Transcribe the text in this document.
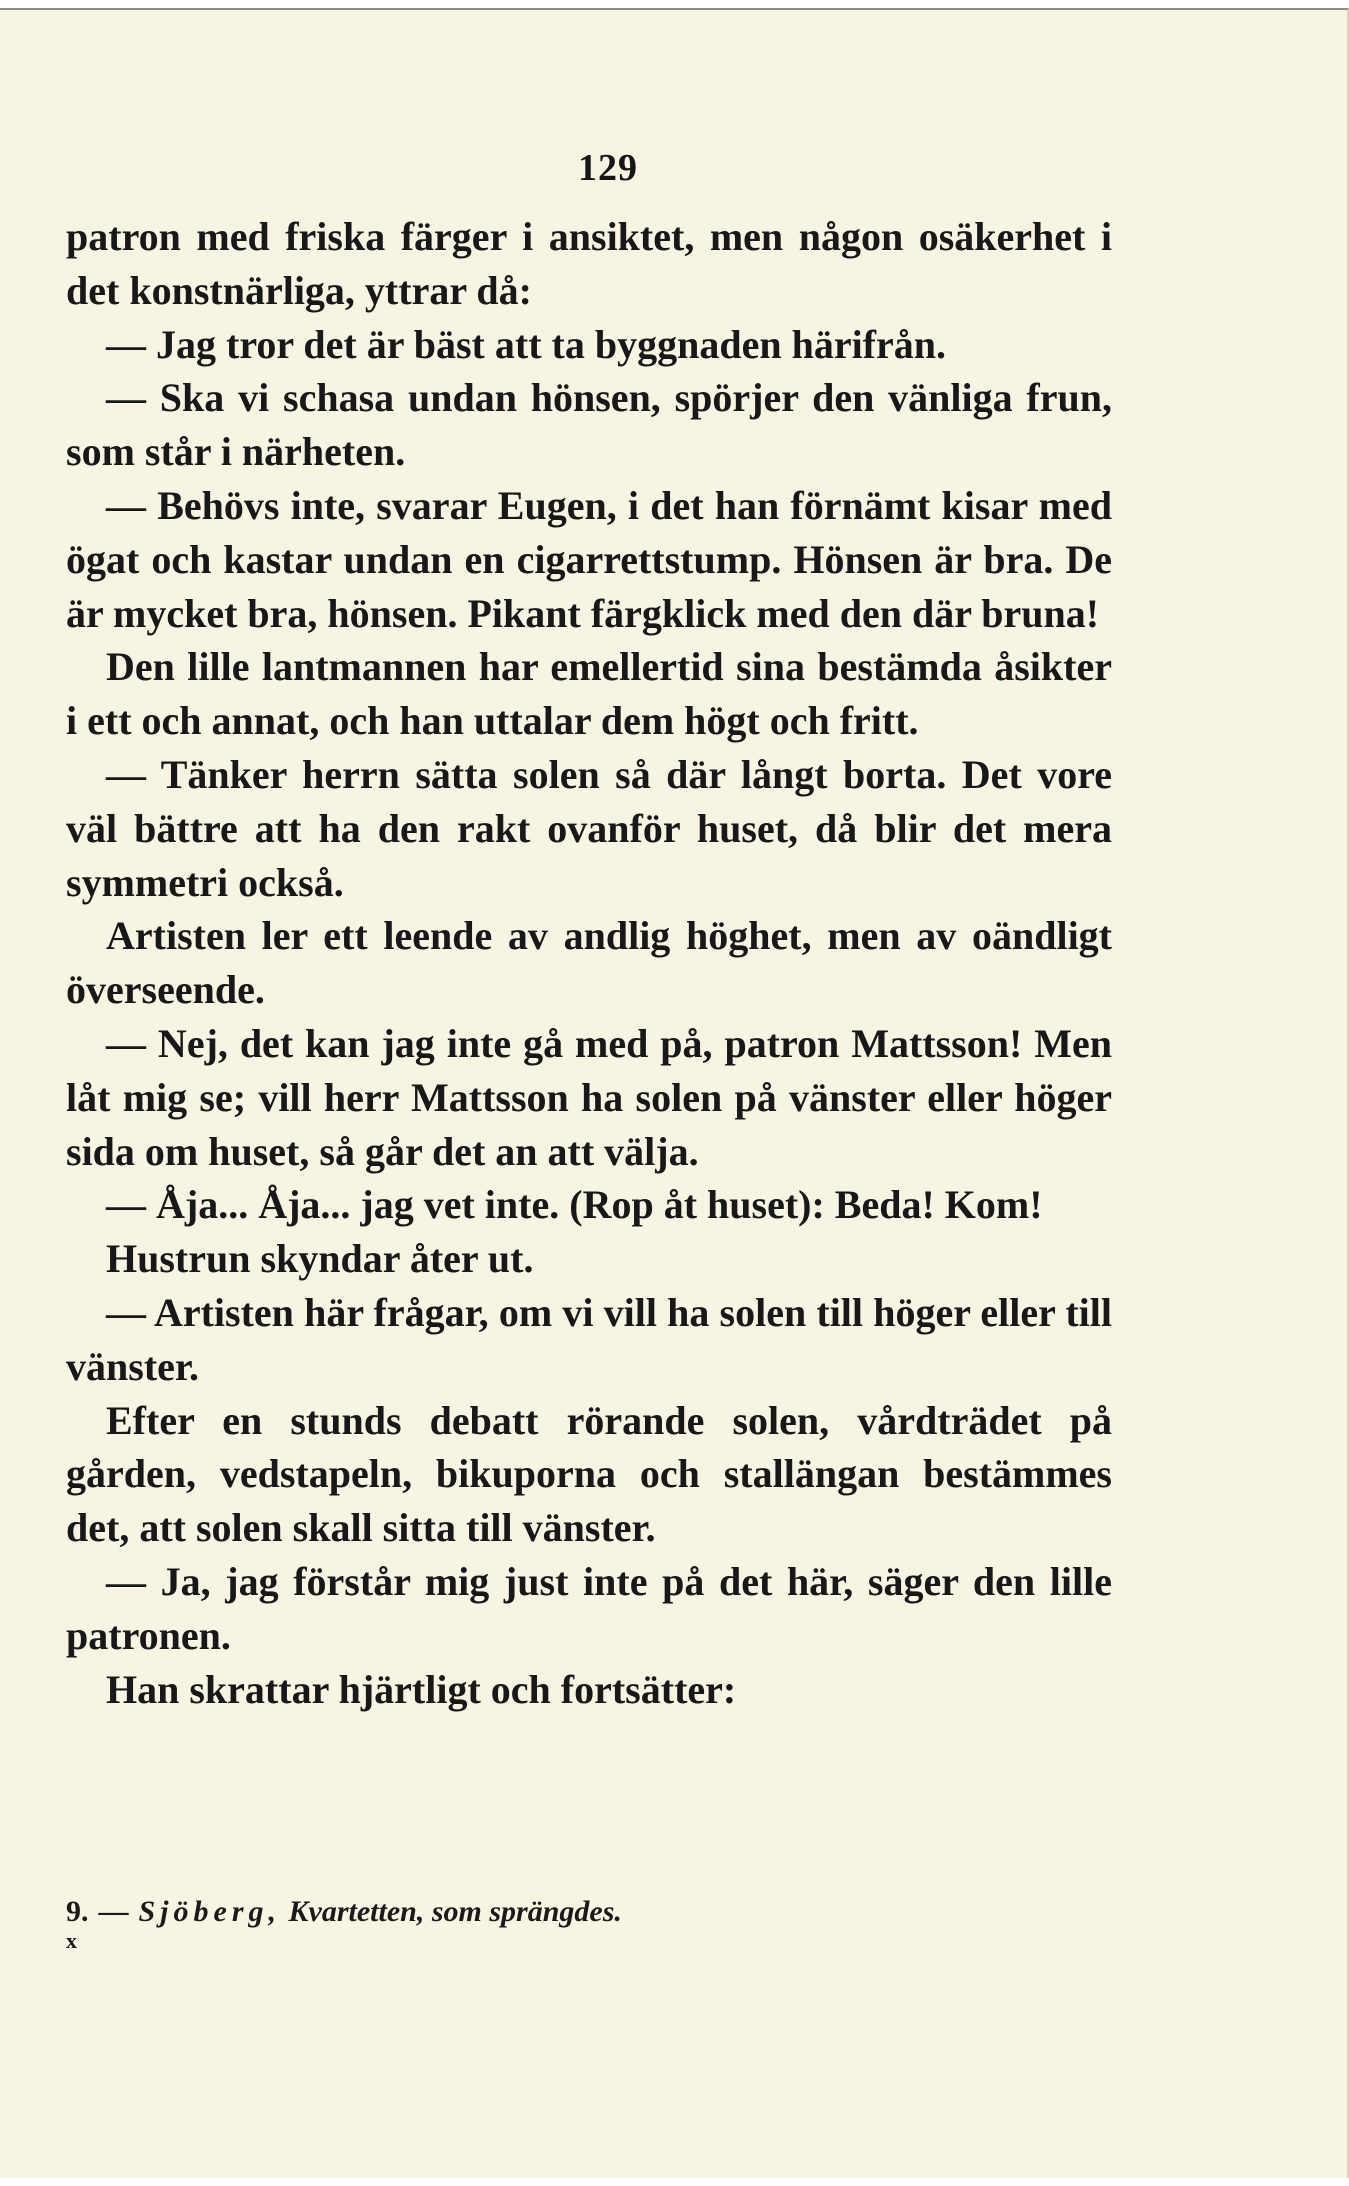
129

patron med friska färger i ansiktet, men någon osäkerhet i det konstnärliga, yttrar då:

— Jag tror det är bäst att ta byggnaden härifrån.

— Ska vi schasa undan hönsen, spörjer den vänliga frun, som står i närheten.

— Behövs inte, svarar Eugen, i det han förnämt kisar med ögat och kastar undan en cigarrettstump. Hönsen är bra. De är mycket bra, hönsen. Pikant färgklick med den där bruna!

Den lille lantmannen har emellertid sina bestämda åsikter i ett och annat, och han uttalar dem högt och fritt.

— Tänker herrn sätta solen så där långt borta. Det vore väl bättre att ha den rakt ovanför huset, då blir det mera symmetri också.

Artisten ler ett leende av andlig höghet, men av oändligt överseende.

— Nej, det kan jag inte gå med på, patron Mattsson! Men låt mig se; vill herr Mattsson ha solen på vänster eller höger sida om huset, så går det an att välja.

— Åja... Åja... jag vet inte. (Rop åt huset): Beda! Kom!

Hustrun skyndar åter ut.

— Artisten här frågar, om vi vill ha solen till höger eller till vänster.

Efter en stunds debatt rörande solen, vårdträdet på gården, vedstapeln, bikuporna och stallängan bestämmes det, att solen skall sitta till vänster.

— Ja, jag förstår mig just inte på det här, säger den lille patronen.

Han skrattar hjärtligt och fortsätter:

9. — Sjöberg, Kvartetten, som sprängdes.
x
